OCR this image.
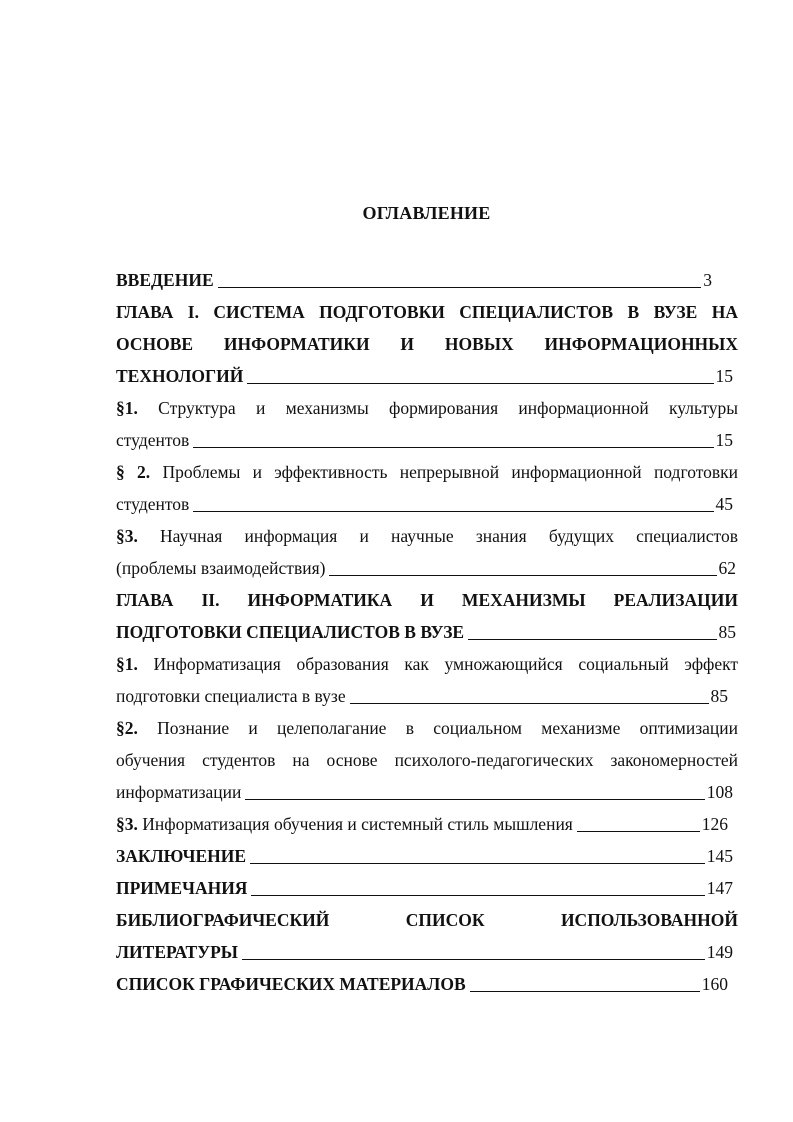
ОГЛАВЛЕНИЕ
ВВЕДЕНИЕ	3
ГЛАВА I. СИСТЕМА ПОДГОТОВКИ СПЕЦИАЛИСТОВ В ВУЗЕ НА
ОСНОВЕ ИНФОРМАТИКИ И НОВЫХ ИНФОРМАЦИОННЫХ
ТЕХНОЛОГИЙ	15
§1. Структура и механизмы формирования информационной культуры
студентов	15
§ 2. Проблемы и эффективность непрерывной информационной подготовки
студентов	45
§3. Научная информация и научные знания будущих специалистов
(проблемы взаимодействия)	62
ГЛАВА II. ИНФОРМАТИКА И МЕХАНИЗМЫ РЕАЛИЗАЦИИ
ПОДГОТОВКИ СПЕЦИАЛИСТОВ В ВУЗЕ	85
§1. Информатизация образования как умножающийся социальный эффект
подготовки специалиста в вузе	85
§2. Познание и целеполагание в социальном механизме оптимизации
обучения студентов на основе психолого-педагогических закономерностей
информатизации	108
§3. Информатизация обучения и системный стиль мышления	126
ЗАКЛЮЧЕНИЕ	145
ПРИМЕЧАНИЯ	147
БИБЛИОГРАФИЧЕСКИЙ СПИСОК ИСПОЛЬЗОВАННОЙ
ЛИТЕРАТУРЫ	149
СПИСОК ГРАФИЧЕСКИХ МАТЕРИАЛОВ	160
